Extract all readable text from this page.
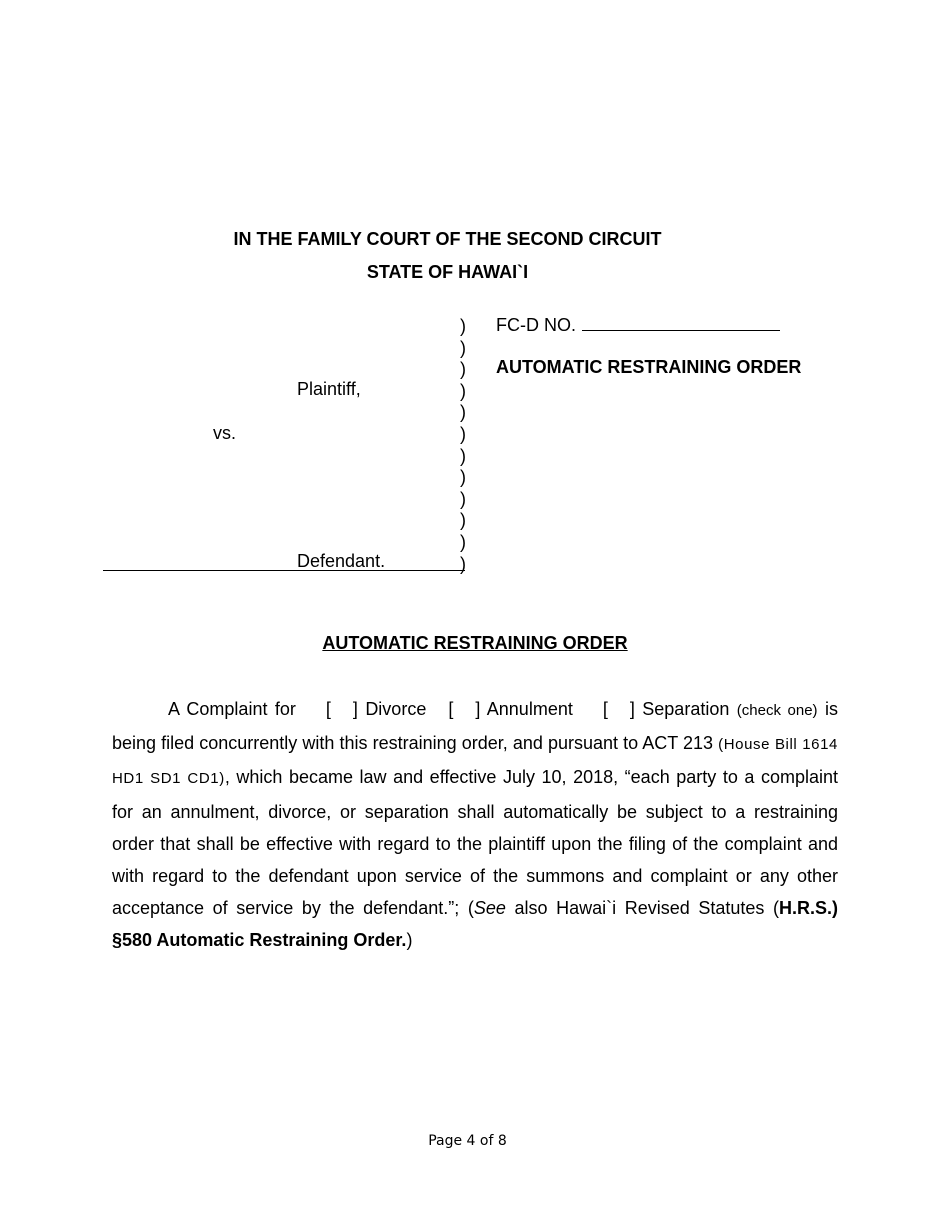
IN THE FAMILY COURT OF THE SECOND CIRCUIT
STATE OF HAWAI`I
)
)
)
)
)
)
)
)
)
)
)
)
Plaintiff,
vs.
Defendant.
FC-D NO.
AUTOMATIC RESTRAINING ORDER
AUTOMATIC RESTRAINING ORDER

A Complaint for [ ] Divorce [ ] Annulment [ ] Separation (check one) is being filed concurrently with this restraining order, and pursuant to ACT 213 (House Bill 1614 HD1 SD1 CD1), which became law and effective July 10, 2018, “each party to a complaint for an annulment, divorce, or separation shall automatically be subject to a restraining order that shall be effective with regard to the plaintiff upon the filing of the complaint and with regard to the defendant upon service of the summons and complaint or any other acceptance of service by the defendant.”; (See also Hawai`i Revised Statutes (H.R.S.) §580 Automatic Restraining Order.)

Page 4 of 8
